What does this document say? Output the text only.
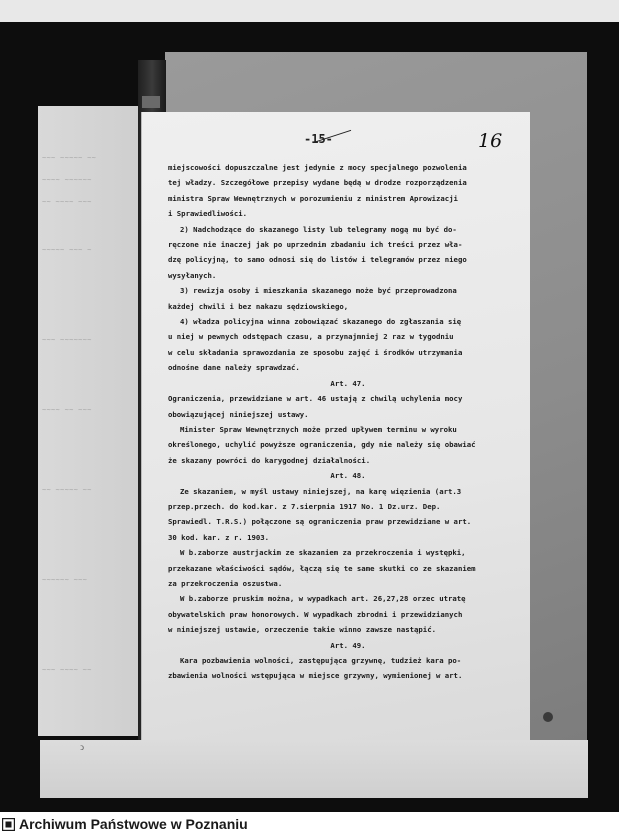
~~~ ~~~~~ ~~
~~~~ ~~~~~~
~~ ~~~~ ~~~
~~~~~ ~~~ ~
~~~ ~~~~~~~
~~~~ ~~ ~~~
~~ ~~~~~ ~~
~~~~~~ ~~~
~~~ ~~~~ ~~
ↄ
-15-	16
miejscowości dopuszczalne jest jedynie z mocy specjalnego pozwolenia
tej władzy. Szczegółowe przepisy wydane będą w drodze rozporządzenia
ministra Spraw Wewnętrznych w porozumieniu z ministrem Aprowizacji
i Sprawiedliwości.
2) Nadchodzące do skazanego listy lub telegramy mogą mu być do-
ręczone nie inaczej jak po uprzednim zbadaniu ich treści przez wła-
dzę policyjną, to samo odnosi się do listów i telegramów przez niego
wysyłanych.
3) rewizja osoby i mieszkania skazanego może być przeprowadzona
każdej chwili i bez nakazu sędziowskiego,
4) władza policyjna winna zobowiązać skazanego do zgłaszania się
u niej w pewnych odstępach czasu, a przynajmniej 2 raz w tygodniu
w celu składania sprawozdania ze sposobu zajęć i środków utrzymania
odnośne dane należy sprawdzać.
Art. 47.
Ograniczenia, przewidziane w art. 46 ustają z chwilą uchylenia mocy
obowiązującej niniejszej ustawy.
Minister Spraw Wewnętrznych może przed upływem terminu w wyroku
określonego, uchylić powyższe ograniczenia, gdy nie należy się obawiać
że skazany powróci do karygodnej działalności.
Art. 48.
Ze skazaniem, w myśl ustawy niniejszej, na karę więzienia (art.3
przep.przech. do kod.kar. z 7.sierpnia 1917 No. 1 Dz.urz. Dep.
Sprawiedl. T.R.S.) połączone są ograniczenia praw przewidziane w art.
30 kod. kar. z r. 1903.
W b.zaborze austrjackim ze skazaniem za przekroczenia i występki,
przekazane właściwości sądów, łączą się te same skutki co ze skazaniem
za przekroczenia oszustwa.
W b.zaborze pruskim można, w wypadkach art. 26,27,28 orzec utratę
obywatelskich praw honorowych. W wypadkach zbrodni i przewidzianych
w niniejszej ustawie, orzeczenie takie winno zawsze nastąpić.
Art. 49.
Kara pozbawienia wolności, zastępująca grzywnę, tudzież kara po-
zbawienia wolności wstępująca w miejsce grzywny, wymienionej w art.
Archiwum Państwowe w Poznaniu
